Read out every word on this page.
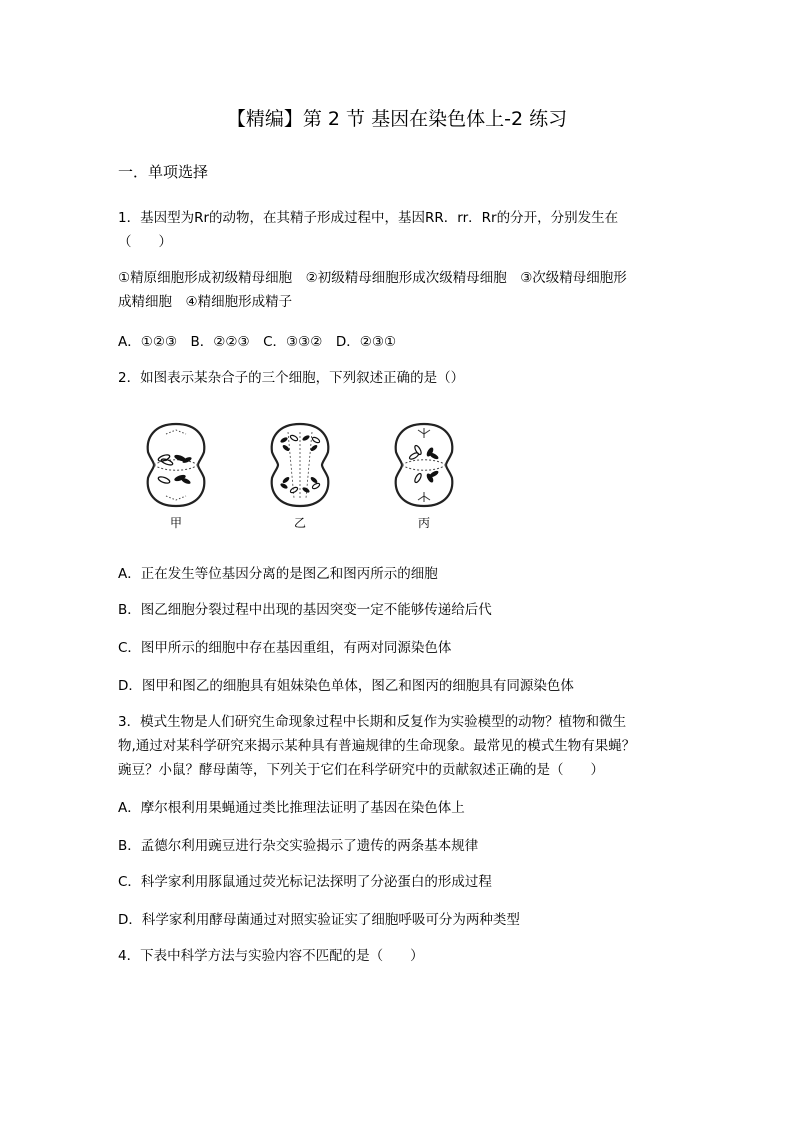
【精编】第 2 节 基因在染色体上-2 练习
一．单项选择
1．基因型为Rr的动物，在其精子形成过程中，基因RR．rr．Rr的分开，分别发生在
（　　）
①精原细胞形成初级精母细胞　②初级精母细胞形成次级精母细胞　③次级精母细胞形
成精细胞　④精细胞形成精子
A．①②③　B．②②③　C．③③②　D．②③①
2．如图表示某杂合子的三个细胞，下列叙述正确的是（）
甲	乙	丙
A．正在发生等位基因分离的是图乙和图丙所示的细胞
B．图乙细胞分裂过程中出现的基因突变一定不能够传递给后代
C．图甲所示的细胞中存在基因重组，有两对同源染色体
D．图甲和图乙的细胞具有姐妹染色单体，图乙和图丙的细胞具有同源染色体
3．模式生物是人们研究生命现象过程中长期和反复作为实验模型的动物？植物和微生
物,通过对某科学研究来揭示某种具有普遍规律的生命现象。最常见的模式生物有果蝇？
豌豆？小鼠？酵母菌等，下列关于它们在科学研究中的贡献叙述正确的是（　　）
A．摩尔根利用果蝇通过类比推理法证明了基因在染色体上
B．孟德尔利用豌豆进行杂交实验揭示了遗传的两条基本规律
C．科学家利用豚鼠通过荧光标记法探明了分泌蛋白的形成过程
D．科学家利用酵母菌通过对照实验证实了细胞呼吸可分为两种类型
4．下表中科学方法与实验内容不匹配的是（　　）
